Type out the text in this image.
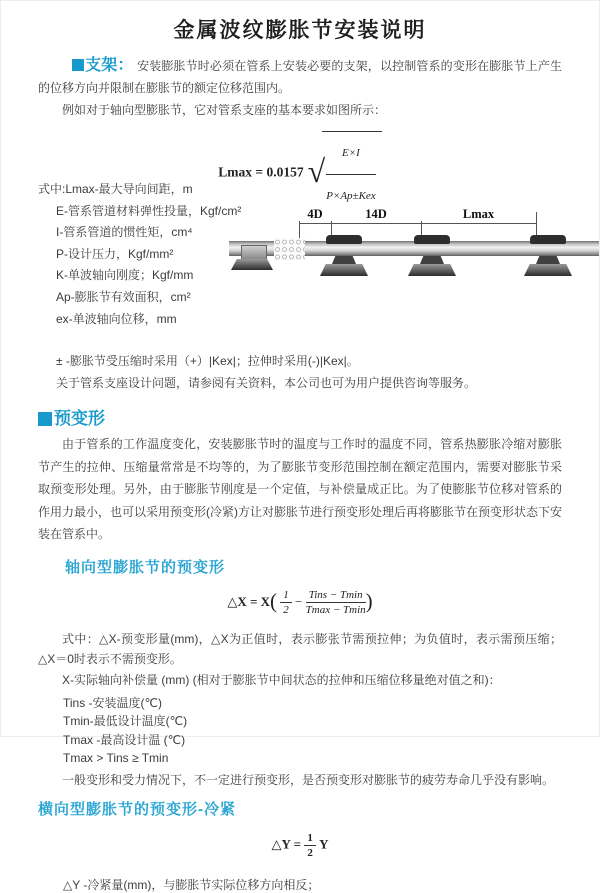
金属波纹膨胀节安装说明

支架： 安装膨胀节时必须在管系上安装必要的支架，以控制管系的变形在膨胀节上产生的位移方向并限制在膨胀节的额定位移范围内。

例如对于轴向型膨胀节，它对管系支座的基本要求如图所示：

Lmax = 0.0157 √ $\frac{E\times I}{\text{P×Ap±Kex}}$
式中:Lmax-最大导向间距，m
E-管系管道材料弹性投量，Kgf/cm²
I-管系管道的惯性矩，cm⁴
P-设计压力，Kgf/mm²
K-单波轴向刚度；Kgf/mm
Ap-膨胀节有效面积，cm²
ex-单波轴向位移，mm
4D	14D	Lmax
± -膨胀节受压缩时采用（+）|Kex|；拉伸时采用(-)|Kex|。
关于管系支座设计问题，请参阅有关资料，本公司也可为用户提供咨询等服务。
预变形

由于管系的工作温度变化，安装膨胀节时的温度与工作时的温度不同，管系热膨胀冷缩对膨胀节产生的拉伸、压缩量常常是不均等的，为了膨胀节变形范围控制在额定范围内，需要对膨胀节采取预变形处理。另外，由于膨胀节刚度是一个定值，与补偿量成正比。为了使膨胀节位移对管系的作用力最小，也可以采用预变形(冷紧)方让对膨胀节进行预变形处理后再将膨胀节在预变形状态下安装在管系中。

轴向型膨胀节的预变形
△X = $X( \frac{1}{2} - \frac{\text{Tins − Tmin}}{Tmax - Tmin}$ )

式中：△X-预变形量(mm)，△X为正值时，表示膨张节需预拉伸；为负值时，表示需预压缩；△X＝0时表示不需预变形。

X-实际轴向补偿量 (mm) (相对于膨胀节中间状态的拉伸和压缩位移量绝对值之和)：

Tins -安装温度(℃)
Tmin-最低设计温度(℃)
Tmax -最高设计温 (℃)
Tmax > Tins ≥ Tmin

一般变形和受力情况下，不一定进行预变形，是否预变形对膨胀节的疲劳寿命几乎没有影响。

横向型膨胀节的预变形-冷紧
△Y = $\frac{1}{2}$ Y
△Y -冷紧量(mm)，与膨胀节实际位移方向相反；
